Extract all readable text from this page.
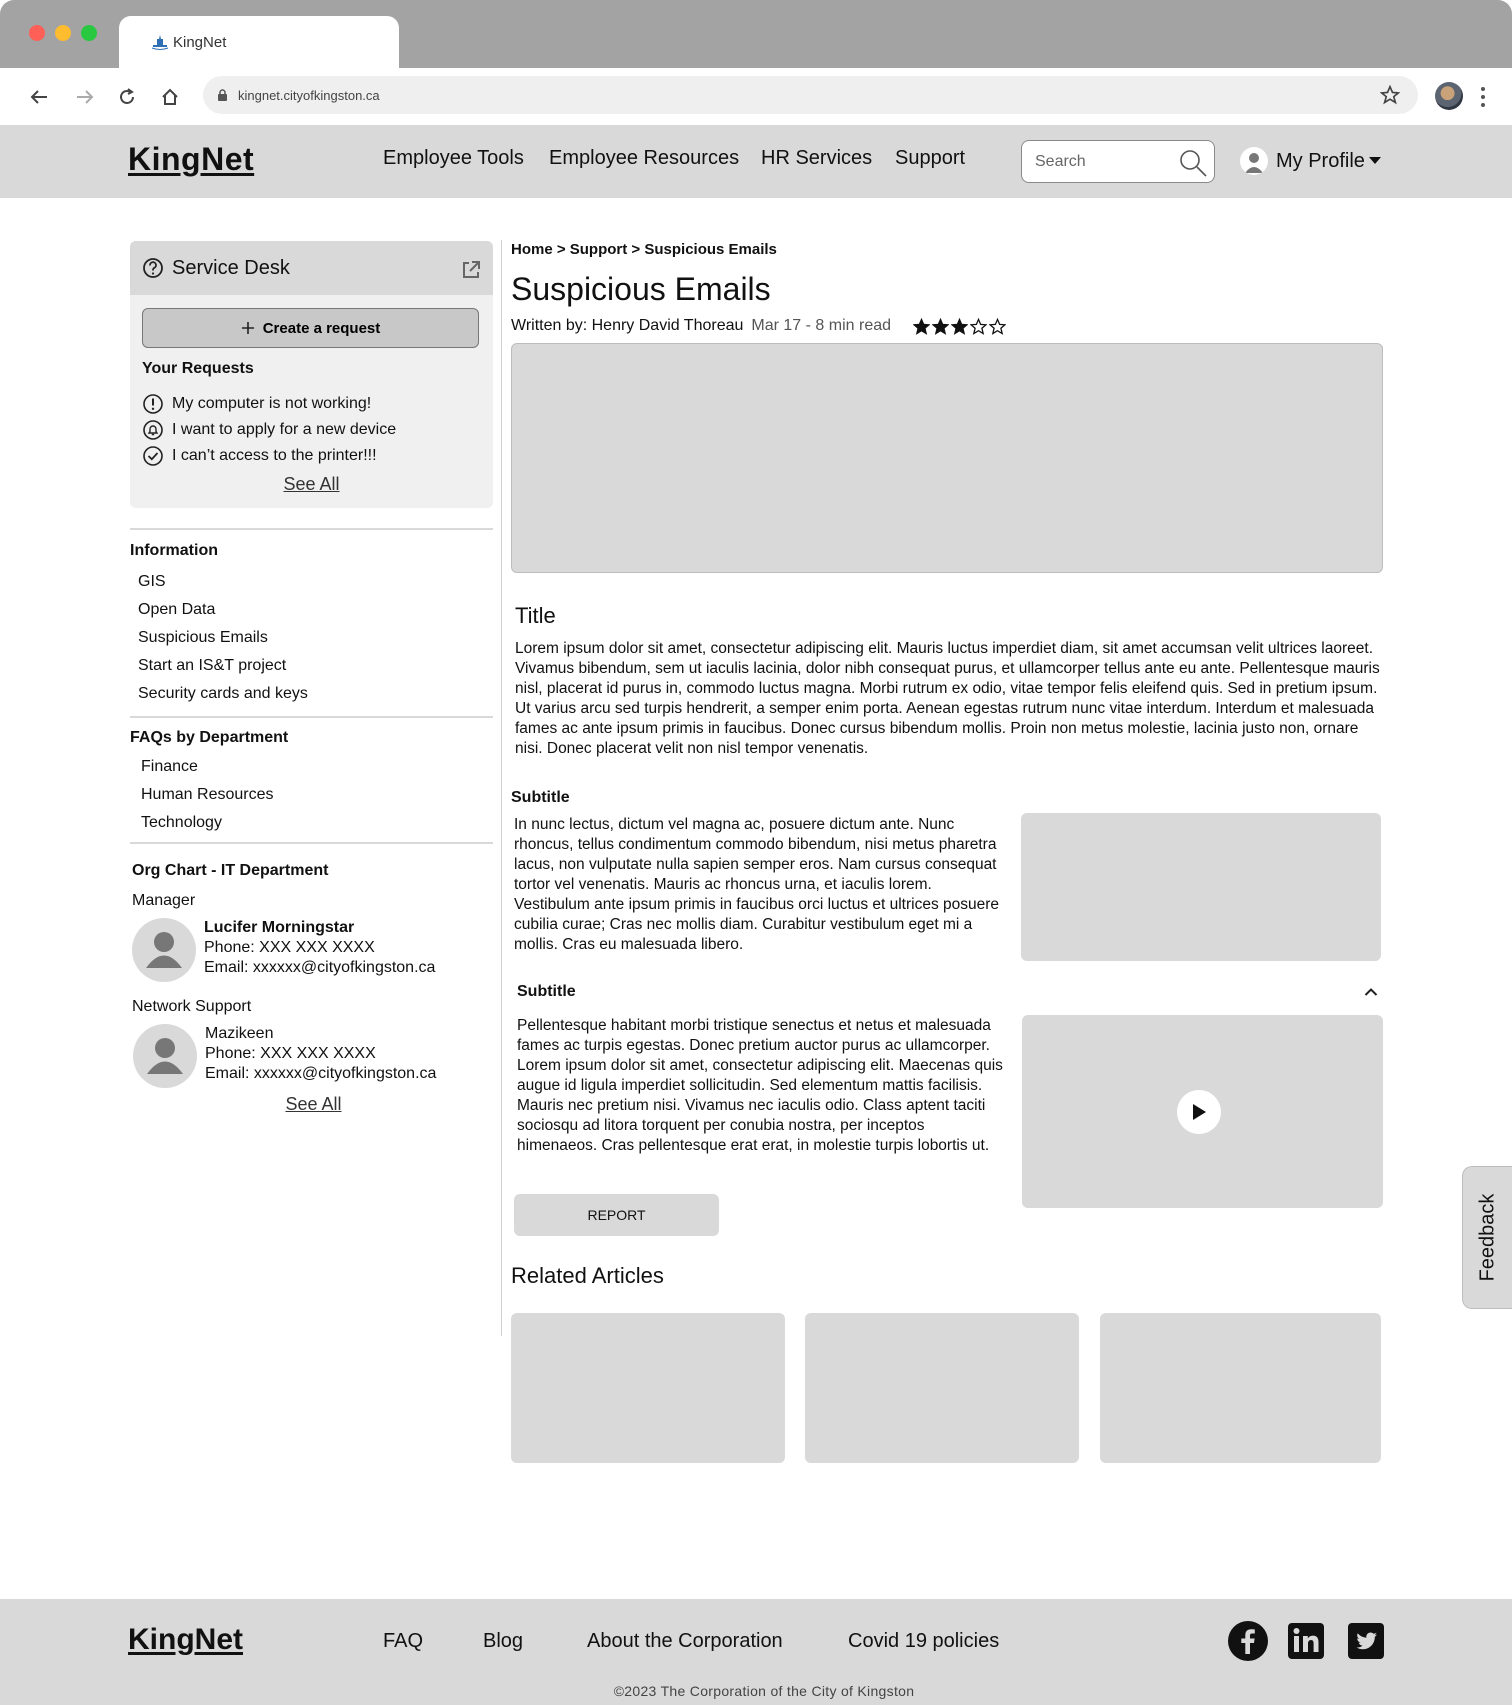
KingNet
kingnet.cityofkingston.ca
KingNet	Employee Tools Employee Resources HR Services Support
Search	My Profile
Service Desk
Create a request
Your Requests
My computer is not working!
I want to apply for a new device
I can’t access to the printer!!!
See All
Information
GIS
Open Data
Suspicious Emails
Start an IS&T project
Security cards and keys
FAQs by Department
Finance
Human Resources
Technology
Org Chart - IT Department
Manager
Lucifer Morningstar
Phone: XXX XXX XXXX
Email: xxxxxx@cityofkingston.ca
Network Support
Mazikeen
Phone: XXX XXX XXXX
Email: xxxxxx@cityofkingston.ca
See All
Home > Support > Suspicious Emails
Suspicious Emails
Written by: Henry David Thoreau Mar 17 - 8 min read
Title

Lorem ipsum dolor sit amet, consectetur adipiscing elit. Mauris luctus imperdiet diam, sit amet accumsan velit ultrices laoreet. Vivamus bibendum, sem ut iaculis lacinia, dolor nibh consequat purus, et ullamcorper tellus ante eu ante. Pellentesque mauris nisl, placerat id purus in, commodo luctus magna. Morbi rutrum ex odio, vitae tempor felis eleifend quis. Sed in pretium ipsum. Ut varius arcu sed turpis hendrerit, a semper enim porta. Aenean egestas rutrum nunc vitae interdum. Interdum et malesuada fames ac ante ipsum primis in faucibus. Donec cursus bibendum mollis. Proin non metus molestie, lacinia justo non, ornare nisi. Donec placerat velit non nisl tempor venenatis.

Subtitle

In nunc lectus, dictum vel magna ac, posuere dictum ante. Nunc rhoncus, tellus condimentum commodo bibendum, nisi metus pharetra lacus, non vulputate nulla sapien semper eros. Nam cursus consequat tortor vel venenatis. Mauris ac rhoncus urna, et iaculis lorem. Vestibulum ante ipsum primis in faucibus orci luctus et ultrices posuere cubilia curae; Cras nec mollis diam. Curabitur vestibulum eget mi a mollis. Cras eu malesuada libero.

Subtitle

Pellentesque habitant morbi tristique senectus et netus et malesuada fames ac turpis egestas. Donec pretium auctor purus ac ullamcorper. Lorem ipsum dolor sit amet, consectetur adipiscing elit. Maecenas quis augue id ligula imperdiet sollicitudin. Sed elementum mattis facilisis. Mauris nec pretium nisi. Vivamus nec iaculis odio. Class aptent taciti sociosqu ad litora torquent per conubia nostra, per inceptos himenaeos. Cras pellentesque erat erat, in molestie turpis lobortis ut.

REPORT
Related Articles	Feedback
KingNet	FAQ	Blog	About the Corporation	Covid 19 policies
©2023 The Corporation of the City of Kingston
